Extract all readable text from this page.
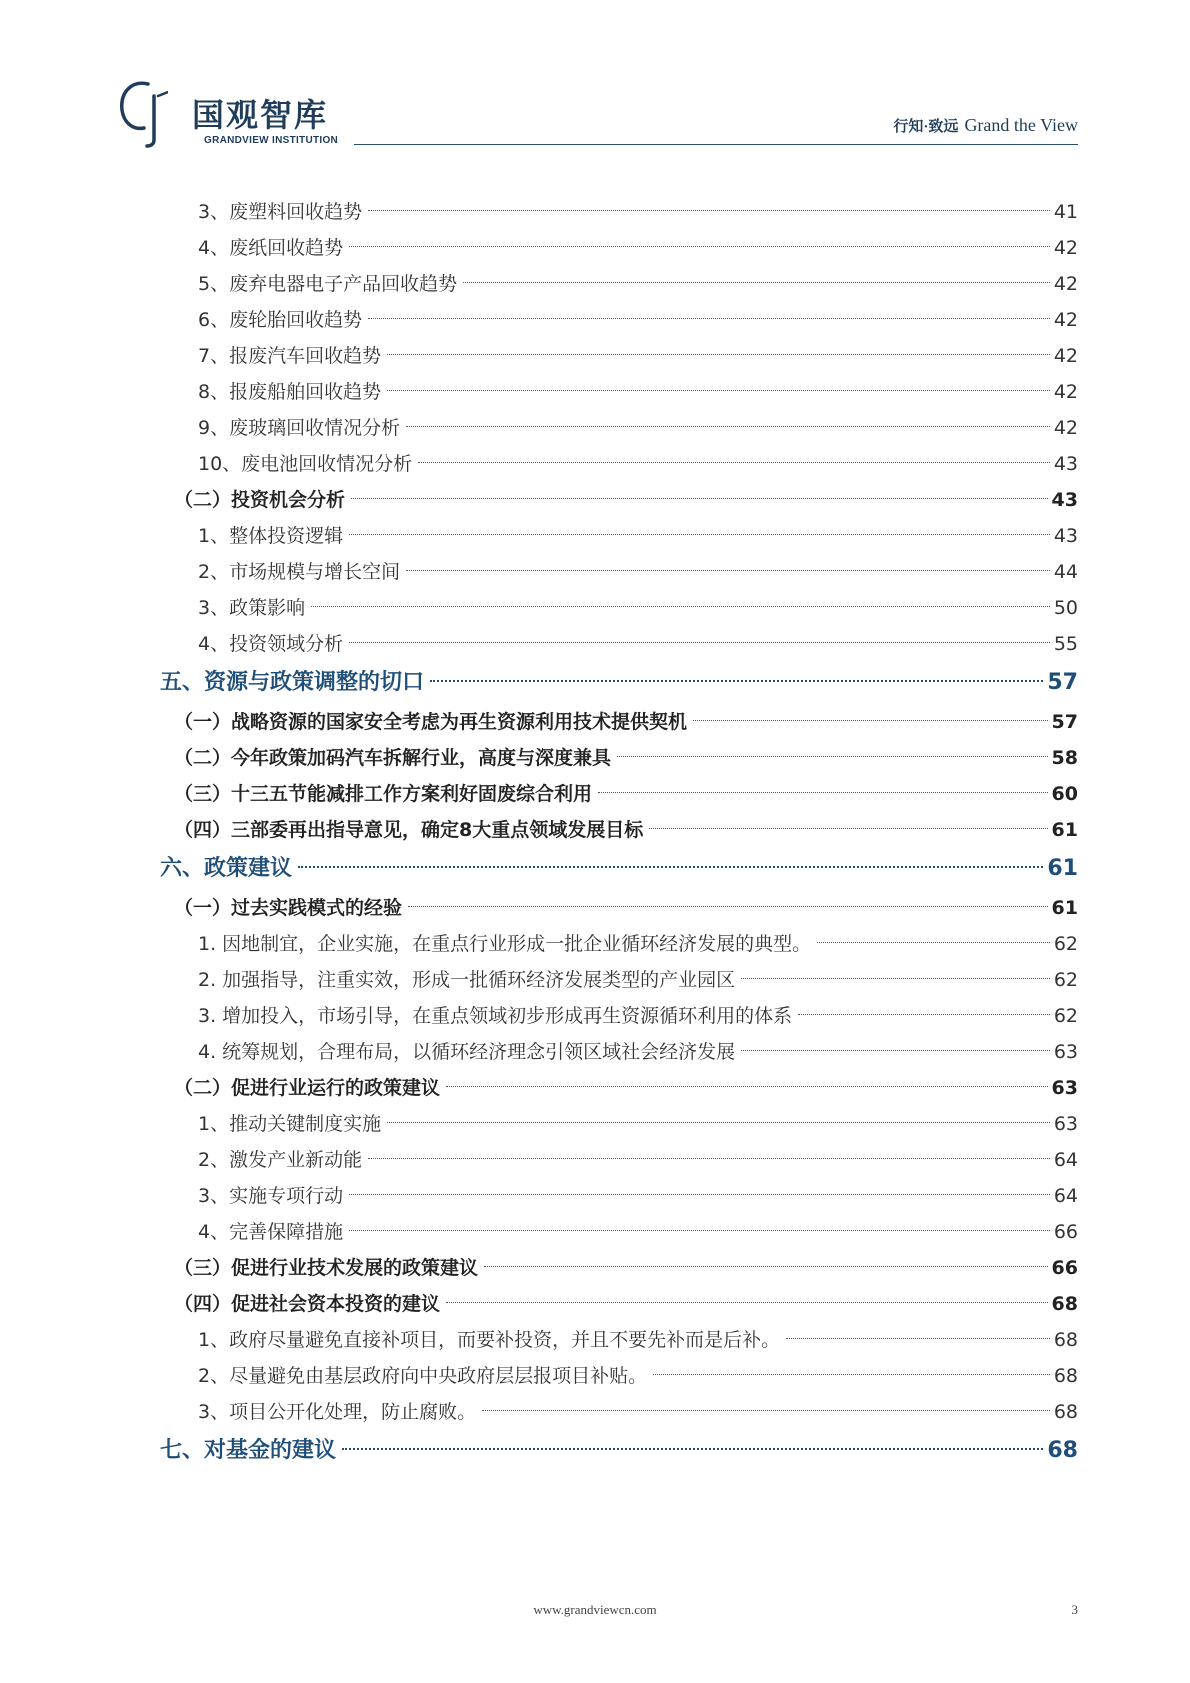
国观智库
GRANDVIEW INSTITUTION
行知·致远 Grand the View
3、废塑料回收趋势	41
4、废纸回收趋势	42
5、废弃电器电子产品回收趋势	42
6、废轮胎回收趋势	42
7、报废汽车回收趋势	42
8、报废船舶回收趋势	42
9、废玻璃回收情况分析	42
10、废电池回收情况分析	43
（二）投资机会分析	43
1、整体投资逻辑	43
2、市场规模与增长空间	44
3、政策影响	50
4、投资领域分析	55
五、资源与政策调整的切口	57
（一）战略资源的国家安全考虑为再生资源利用技术提供契机	57
（二）今年政策加码汽车拆解行业，高度与深度兼具	58
（三）十三五节能减排工作方案利好固废综合利用	60
（四）三部委再出指导意见，确定8大重点领域发展目标	61
六、政策建议	61
（一）过去实践模式的经验	61
1. 因地制宜，企业实施，在重点行业形成一批企业循环经济发展的典型。	62
2. 加强指导，注重实效，形成一批循环经济发展类型的产业园区	62
3. 增加投入，市场引导，在重点领域初步形成再生资源循环利用的体系	62
4. 统筹规划，合理布局，以循环经济理念引领区域社会经济发展	63
（二）促进行业运行的政策建议	63
1、推动关键制度实施	63
2、激发产业新动能	64
3、实施专项行动	64
4、完善保障措施	66
（三）促进行业技术发展的政策建议	66
（四）促进社会资本投资的建议	68
1、政府尽量避免直接补项目，而要补投资，并且不要先补而是后补。	68
2、尽量避免由基层政府向中央政府层层报项目补贴。	68
3、项目公开化处理，防止腐败。	68
七、对基金的建议	68
www.grandviewcn.com	3
